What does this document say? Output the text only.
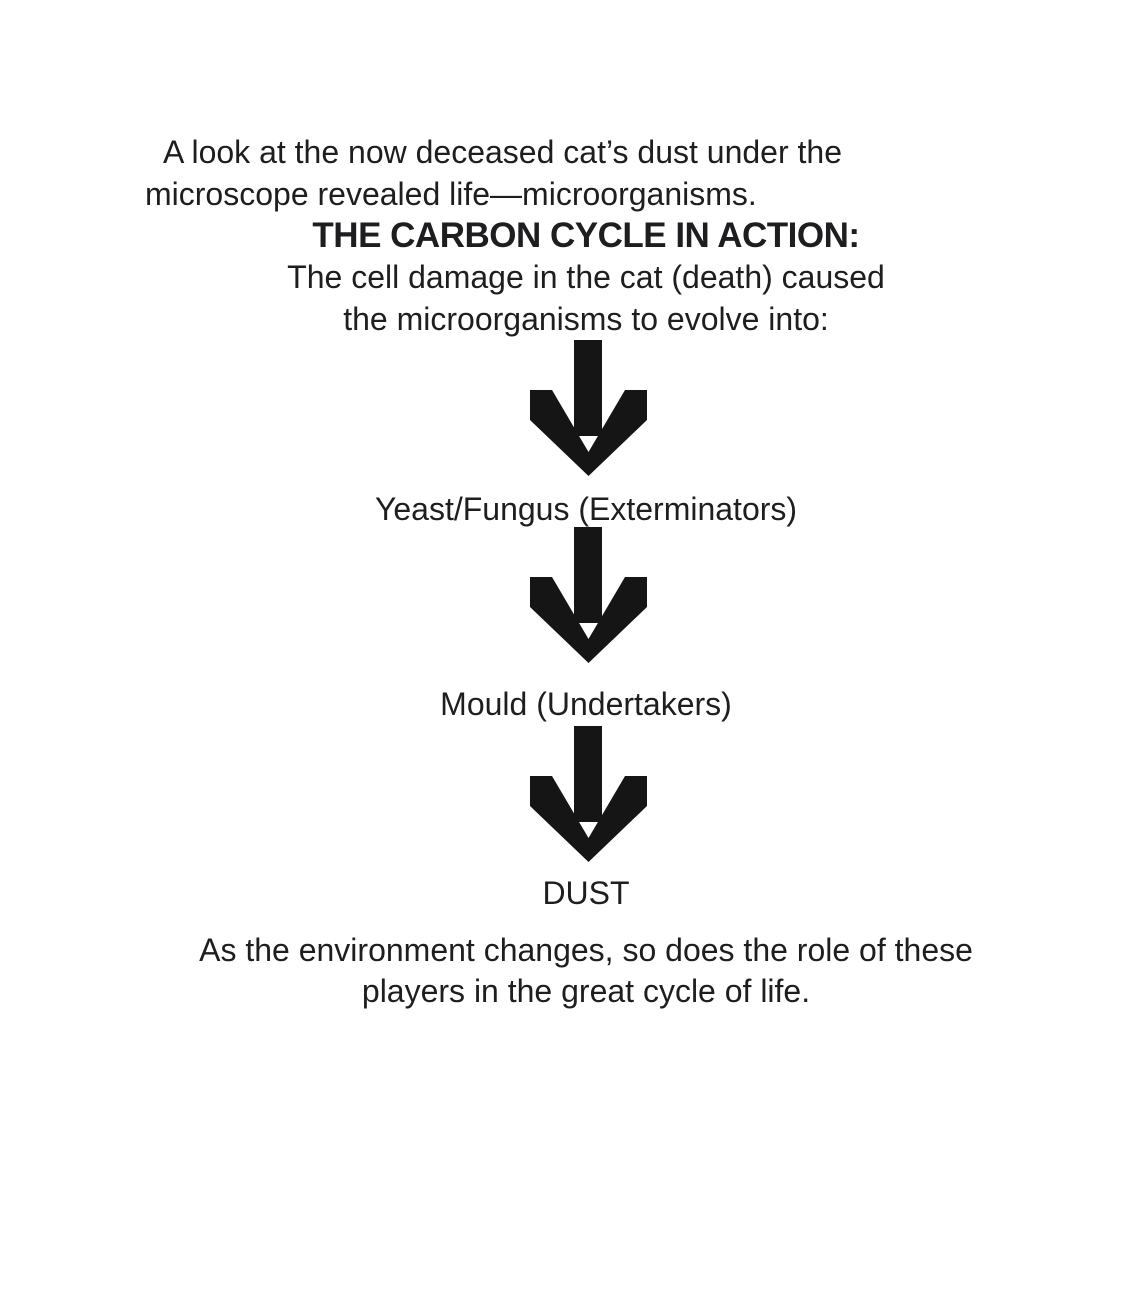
A look at the now deceased cat’s dust under the
microscope revealed life—microorganisms.
THE CARBON CYCLE IN ACTION:
The cell damage in the cat (death) caused
the microorganisms to evolve into:
Yeast/Fungus (Exterminators)
Mould (Undertakers)
DUST
As the environment changes, so does the role of these
players in the great cycle of life.
